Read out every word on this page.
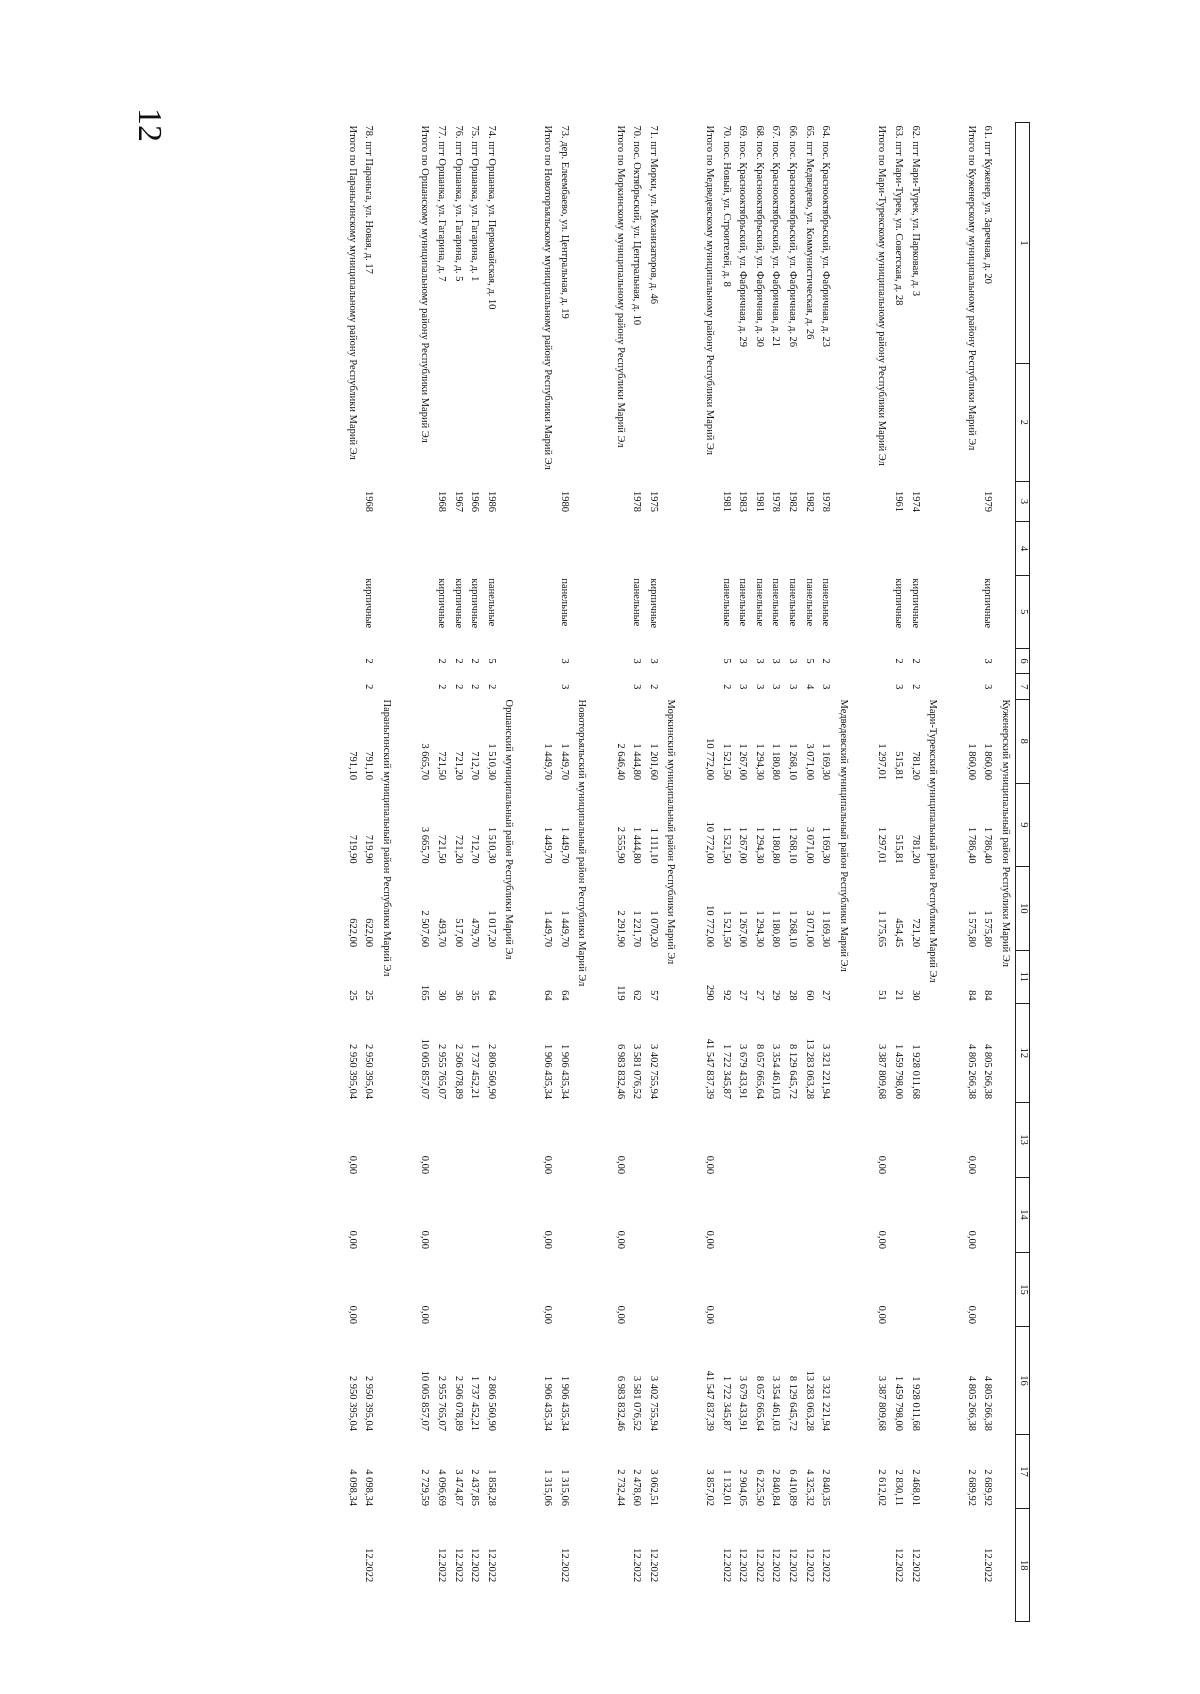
12
1	2	3	4	5	6	7	8	9	10	11	12	13	14	15	16	17	18
							Куженерский муниципальный район Республики Марий Эл										
61. пгт Куженер, ул. Заречная, д. 20		1979		кирпичные	3	3	1 860,00	1 786,40	1 575,80	84	4 805 266,38				4 805 266,38	2 689,92	12.2022
Итого по Куженерскому муниципальному району Республики Марий Эл							1 860,00	1 786,40	1 575,80	84	4 805 266,38	0,00	0,00	0,00	4 805 266,38	2 689,92	

							Мари-Турекский муниципальный район Республики Марий Эл										
62. пгт Мари-Турек, ул. Парковая, д. 3		1974		кирпичные	2	2	781,20	781,20	721,20	30	1 928 011,68				1 928 011,68	2 468,01	12.2022
63. пгт Мари-Турек, ул. Советская, д. 28		1961		кирпичные	2	3	515,81	515,81	454,45	21	1 459 798,00				1 459 798,00	2 830,11	12.2022
Итого по Мари-Турекскому муниципальному району Республики Марий Эл							1 297,01	1 297,01	1 175,65	51	3 387 809,68	0,00	0,00	0,00	3 387 809,68	2 612,02	

							Медведевский муниципальный район Республики Марий Эл										
64. пос. Краснооктябрьский, ул. Фабричная, д. 23		1978		панельные	2	3	1 169,30	1 169,30	1 169,30	27	3 321 221,94				3 321 221,94	2 840,35	12.2022
65. пгт Медведево, ул. Коммунистическая, д. 26		1982		панельные	5	4	3 071,00	3 071,00	3 071,00	60	13 283 063,28				13 283 063,28	4 325,32	12.2022
66. пос. Краснооктябрьский, ул. Фабричная, д. 26		1982		панельные	3	3	1 268,10	1 268,10	1 268,10	28	8 129 645,72				8 129 645,72	6 410,89	12.2022
67. пос. Краснооктябрьский, ул. Фабричная, д. 21		1978		панельные	3	3	1 180,80	1 180,80	1 180,80	29	3 354 461,03				3 354 461,03	2 840,84	12.2022
68. пос. Краснооктябрьский, ул. Фабричная, д. 30		1981		панельные	3	3	1 294,30	1 294,30	1 294,30	27	8 057 665,64				8 057 665,64	6 225,50	12.2022
69. пос. Краснооктябрьский, ул. Фабричная, д. 29		1983		панельные	3	3	1 267,00	1 267,00	1 267,00	27	3 679 433,91				3 679 433,91	2 904,05	12.2022
70. пос. Новый, ул. Строителей, д. 8		1981		панельные	5	2	1 521,50	1 521,50	1 521,50	92	1 722 345,87				1 722 345,87	1 132,01	12.2022
Итого по Медведевскому муниципальному району Республики Марий Эл							10 772,00	10 772,00	10 772,00	290	41 547 837,39	0,00	0,00	0,00	41 547 837,39	3 857,02	

							Моркинский муниципальный район Республики Марий Эл										
71. пгт Морки, ул. Механизаторов, д. 46		1975		кирпичные	3	2	1 201,60	1 111,10	1 070,20	57	3 402 755,94				3 402 755,94	3 062,51	12.2022
70. пос. Октябрьский, ул. Центральная, д. 10		1978		панельные	3	3	1 444,80	1 444,80	1 221,70	62	3 581 076,52				3 581 076,52	2 478,60	12.2022
Итого по Моркинскому муниципальному району Республики Марий Эл							2 646,40	2 555,90	2 291,90	119	6 983 832,46	0,00	0,00	0,00	6 983 832,46	2 732,44	

							Новоторъяльский муниципальный район Республики Марий Эл										
73. дер. Елеембаево, ул. Центральная, д. 19		1980		панельные	3	3	1 449,70	1 449,70	1 449,70	64	1 906 435,34				1 906 435,34	1 315,06	12.2022
Итого по Новоторъяльскому муниципальному району Республики Марий Эл							1 449,70	1 449,70	1 449,70	64	1 906 435,34	0,00	0,00	0,00	1 906 435,34	1 315,06	

							Оршанский муниципальный район Республики Марий Эл										
74. пгт Оршанка, ул. Первомайская, д. 10		1986		панельные	5	2	1 510,30	1 510,30	1 017,20	64	2 806 560,90				2 806 560,90	1 858,28	12.2022
75. пгт Оршанка, ул. Гагарина, д. 1		1966		кирпичные	2	2	712,70	712,70	479,70	35	1 737 452,21				1 737 452,21	2 437,85	12.2022
76. пгт Оршанка, ул. Гагарина, д. 5		1967		кирпичные	2	2	721,20	721,20	517,00	36	2 506 078,89				2 506 078,89	3 474,87	12.2022
77. пгт Оршанка, ул. Гагарина, д. 7		1968		кирпичные	2	2	721,50	721,50	493,70	30	2 955 765,07				2 955 765,07	4 096,69	12.2022
Итого по Оршанскому муниципальному району Республики Марий Эл							3 665,70	3 665,70	2 507,60	165	10 005 857,07	0,00	0,00	0,00	10 005 857,07	2 729,59	

							Параньгинский муниципальный район Республики Марий Эл										
78. пгт Параньга, ул. Новая, д. 17		1968		кирпичные	2	2	791,10	719,90	622,00	25	2 950 395,04				2 950 395,04	4 098,34	12.2022
Итого по Параньгинскому муниципальному району Республики Марий Эл							791,10	719,90	622,00	25	2 950 395,04	0,00	0,00	0,00	2 950 395,04	4 098,34	
